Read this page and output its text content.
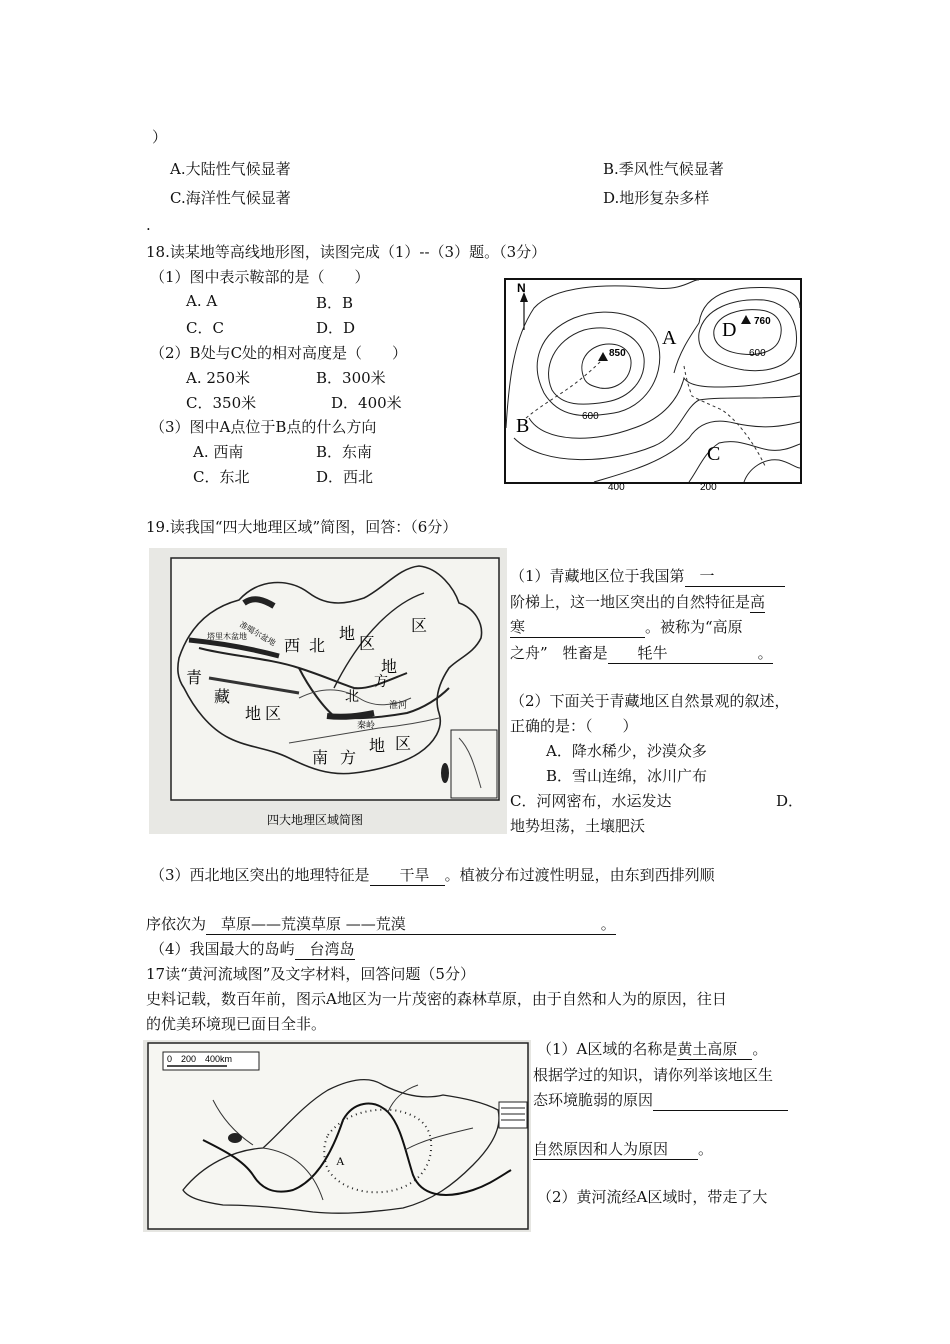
）
A.大陆性气候显著	B.季风性气候显著
C.海洋性气候显著	D.地形复杂多样
.
18.读某地等高线地形图，读图完成（1）--（3）题。（3分）
（1）图中表示鞍部的是（　　）
A. A	B．B
C．C	D．D
（2）B处与C处的相对高度是（　　）
A. 250米	B．300米
C．350米	D．400米
（3）图中A点位于B点的什么方向
A. 西南	B．东南
C．东北	D．西北
N
850
760
600
600
400	200
A D
B
C
19.读我国“四大地理区域”简图，回答：（6分）
准噶尔盆地
塔里木盆地 西 北
地
区
地
区
北
方
青
藏
地 区	淮河
秦岭
南 方
地 区
四大地理区域简图
（1）青藏地区位于我国第　一　　　
阶梯上，这一地区突出的自然特征是高
寒　　　　　　　　。被称为“高原
之舟”　牲畜是　　牦牛　　　　　　。
（2）下面关于青藏地区自然景观的叙述，
正确的是：（　　）
A．降水稀少，沙漠众多
B．雪山连绵，冰川广布
C．河网密布，水运发达	D．
地势坦荡，土壤肥沃
（3）西北地区突出的地理特征是　　干旱　。植被分布过渡性明显，由东到西排列顺
序依次为　草原——荒漠草原 ——荒漠　　　　　　　　　　　　　。
（4）我国最大的岛屿　台湾岛
17读“黄河流域图”及文字材料，回答问题（5分）
史料记载，数百年前，图示A地区为一片茂密的森林草原，由于自然和人为的原因，往日
的优美环境现已面目全非。
0　200　400km
A
（1）A区域的名称是黄土高原　。
根据学过的知识，请你列举该地区生
态环境脆弱的原因　　　　　　　　　
自然原因和人为原因　　。
（2）黄河流经A区域时，带走了大
